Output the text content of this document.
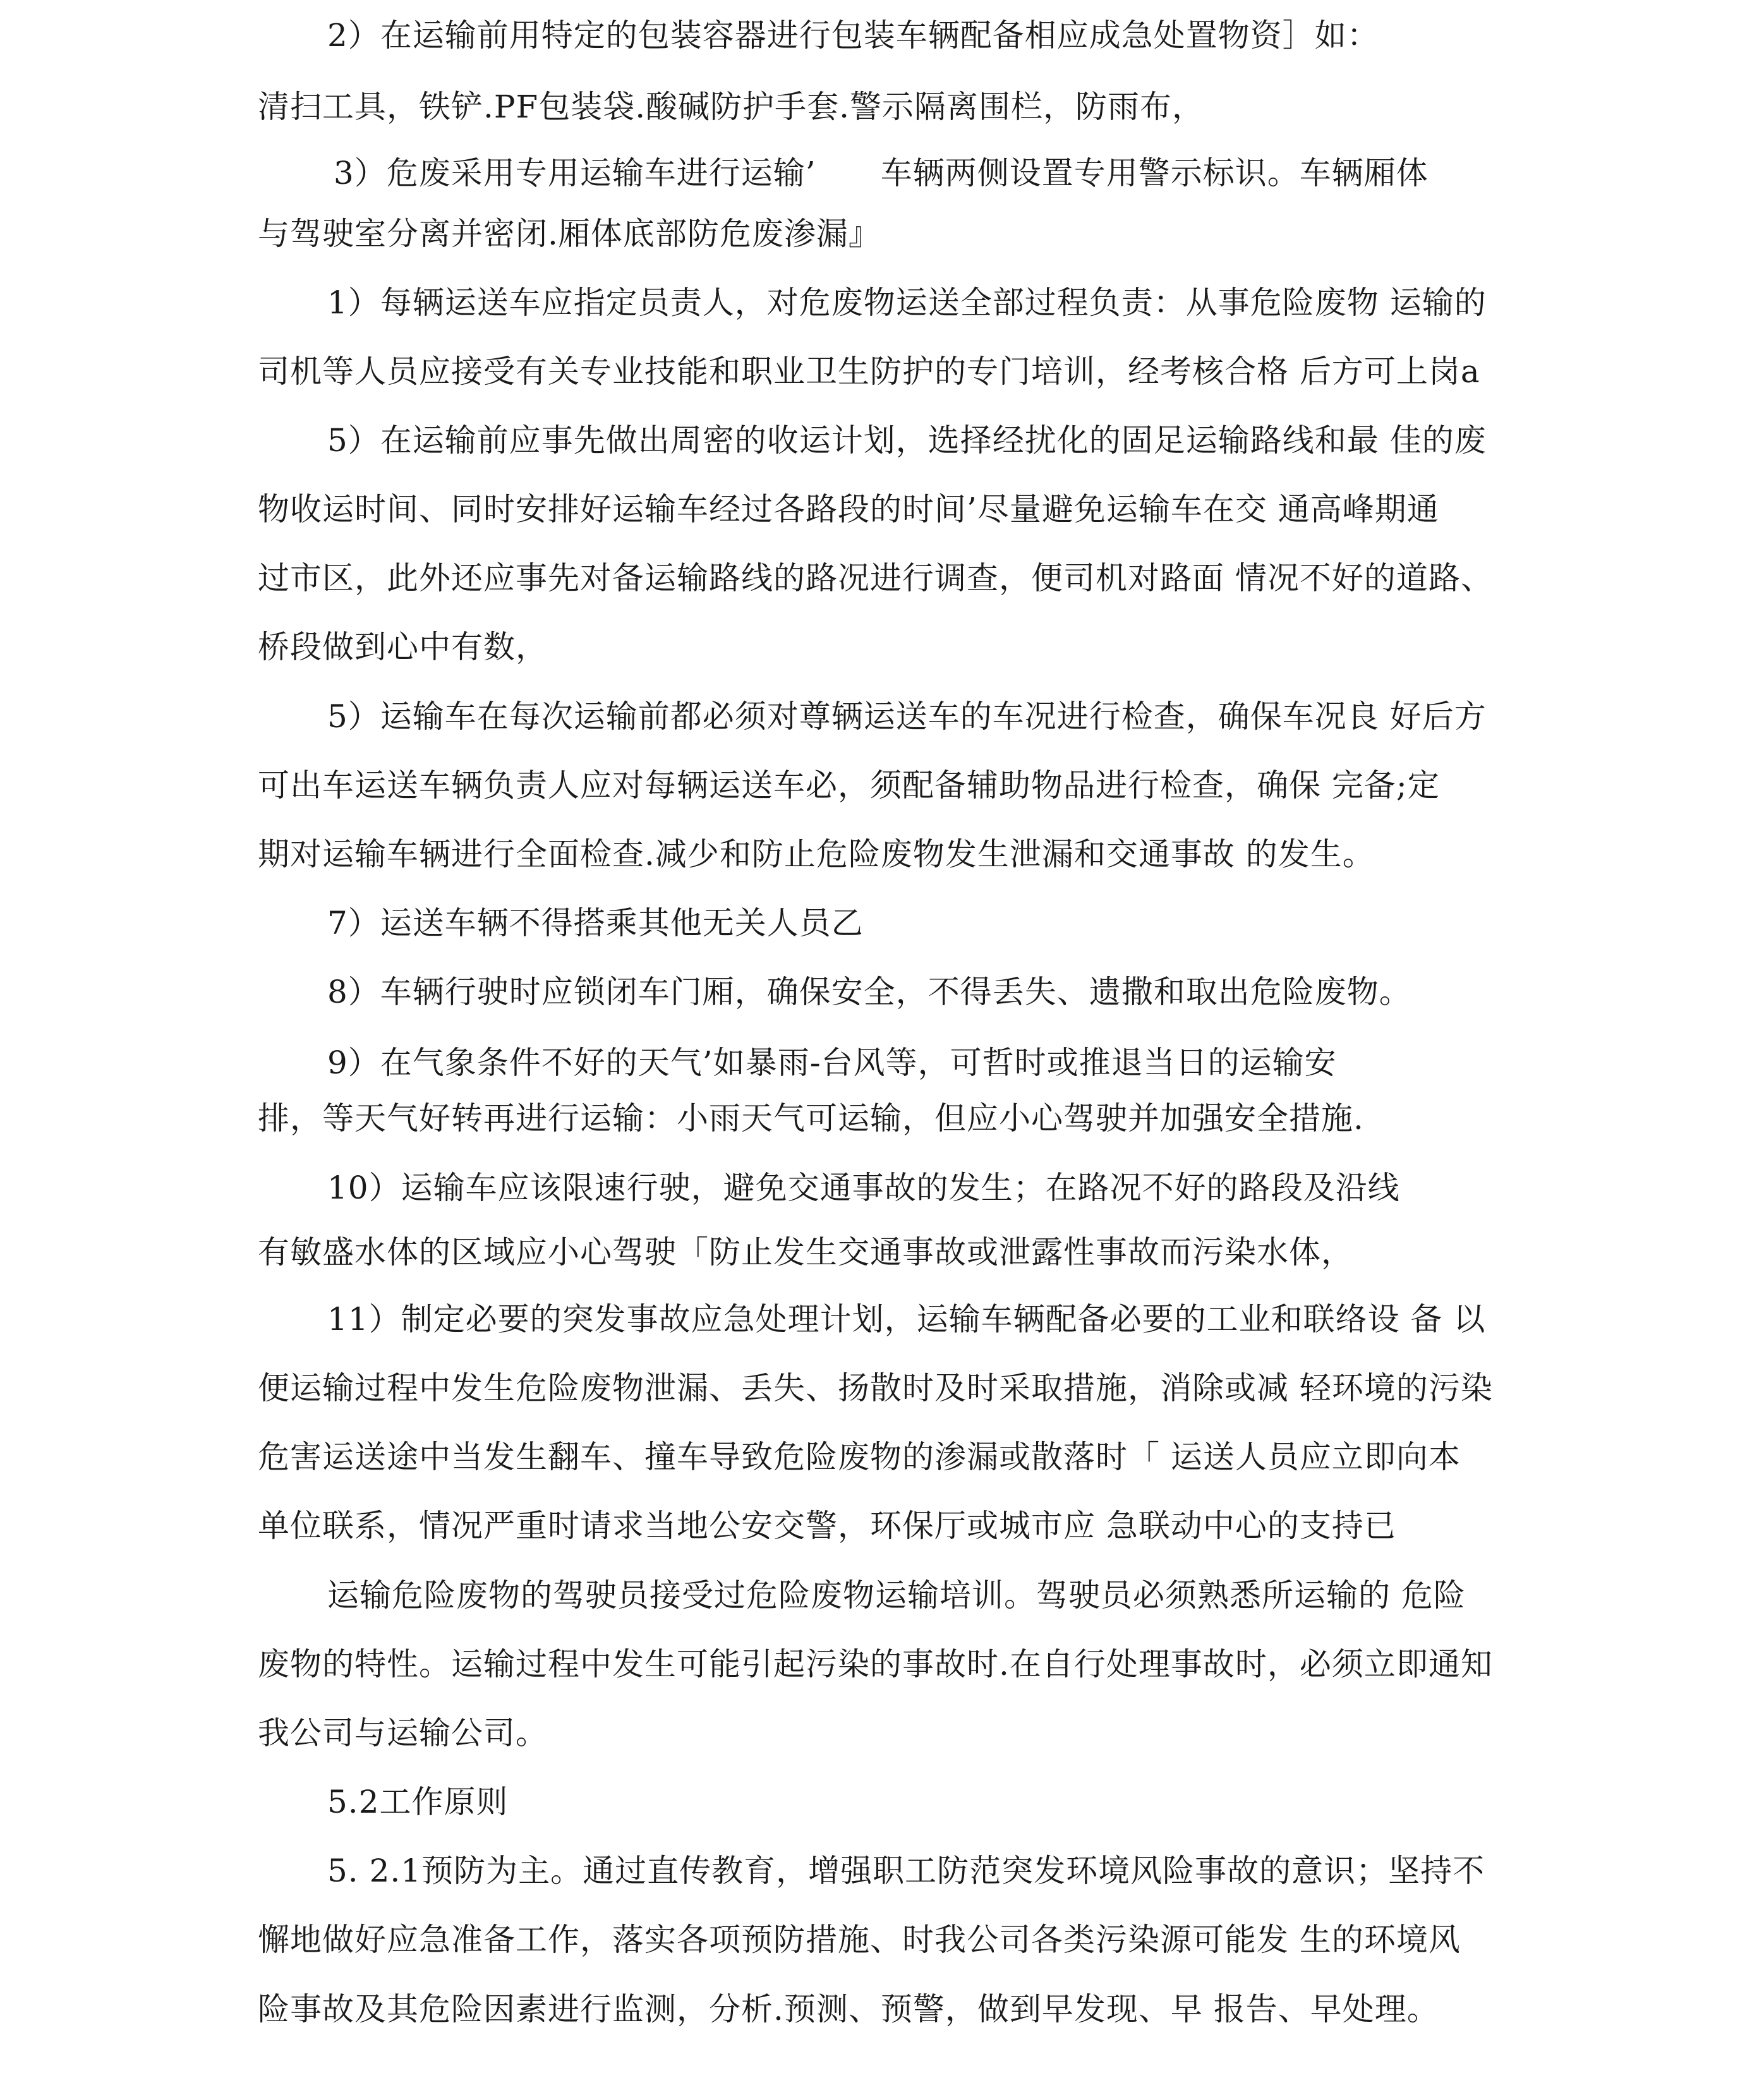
2）在运输前用特定的包装容器进行包装车辆配备相应成急处置物资］如：
清扫工具，铁铲.PF包装袋.酸碱防护手套.警示隔离围栏，防雨布，
3）危废采用专用运输车进行运输’　　车辆两侧设置专用警示标识。车辆厢体
与驾驶室分离并密闭.厢体底部防危废渗漏』
1）每辆运送车应指定员责人，对危废物运送全部过程负责：从事危险废物 运输的
司机等人员应接受有关专业技能和职业卫生防护的专门培训，经考核合格 后方可上岗a
5）在运输前应事先做出周密的收运计划，选择经扰化的固足运输路线和最 佳的废
物收运时间、同时安排好运输车经过各路段的时间’尽量避免运输车在交 通高峰期通
过市区，此外还应事先对备运输路线的路况进行调查，便司机对路面 情况不好的道路、
桥段做到心中有数，
5）运输车在每次运输前都必须对尊辆运送车的车况进行检查，确保车况良 好后方
可出车运送车辆负责人应对每辆运送车必，须配备辅助物品进行检查，确保 完备;定
期对运输车辆进行全面检查.减少和防止危险废物发生泄漏和交通事故 的发生。
7）运送车辆不得搭乘其他无关人员乙
8）车辆行驶时应锁闭车门厢，确保安全，不得丢失、遗撒和取出危险废物。
9）在气象条件不好的天气’如暴雨-台风等，可哲时或推退当日的运输安
排，等天气好转再进行运输：小雨天气可运输，但应小心驾驶并加强安全措施.
10）运输车应该限速行驶，避免交通事故的发生；在路况不好的路段及沿线
有敏盛水体的区域应小心驾驶「防止发生交通事故或泄露性事故而污染水体，
11）制定必要的突发事故应急处理计划，运输车辆配备必要的工业和联络设 备 以
便运输过程中发生危险废物泄漏、丢失、扬散时及时采取措施，消除或减 轻环境的污染
危害运送途中当发生翻车、撞车导致危险废物的渗漏或散落时「 运送人员应立即向本
单位联系，情况严重时请求当地公安交警，环保厅或城市应 急联动中心的支持已
运输危险废物的驾驶员接受过危险废物运输培训。驾驶员必须熟悉所运输的 危险
废物的特性。运输过程中发生可能引起污染的事故时.在自行处理事故时，必须立即通知
我公司与运输公司。
5.2工作原则
5. 2.1预防为主。通过直传教育，增强职工防范突发环境风险事故的意识；坚持不
懈地做好应急准备工作，落实各项预防措施、时我公司各类污染源可能发 生的环境风
险事故及其危险因素进行监测，分析.预测、预警，做到早发现、早 报告、早处理。
